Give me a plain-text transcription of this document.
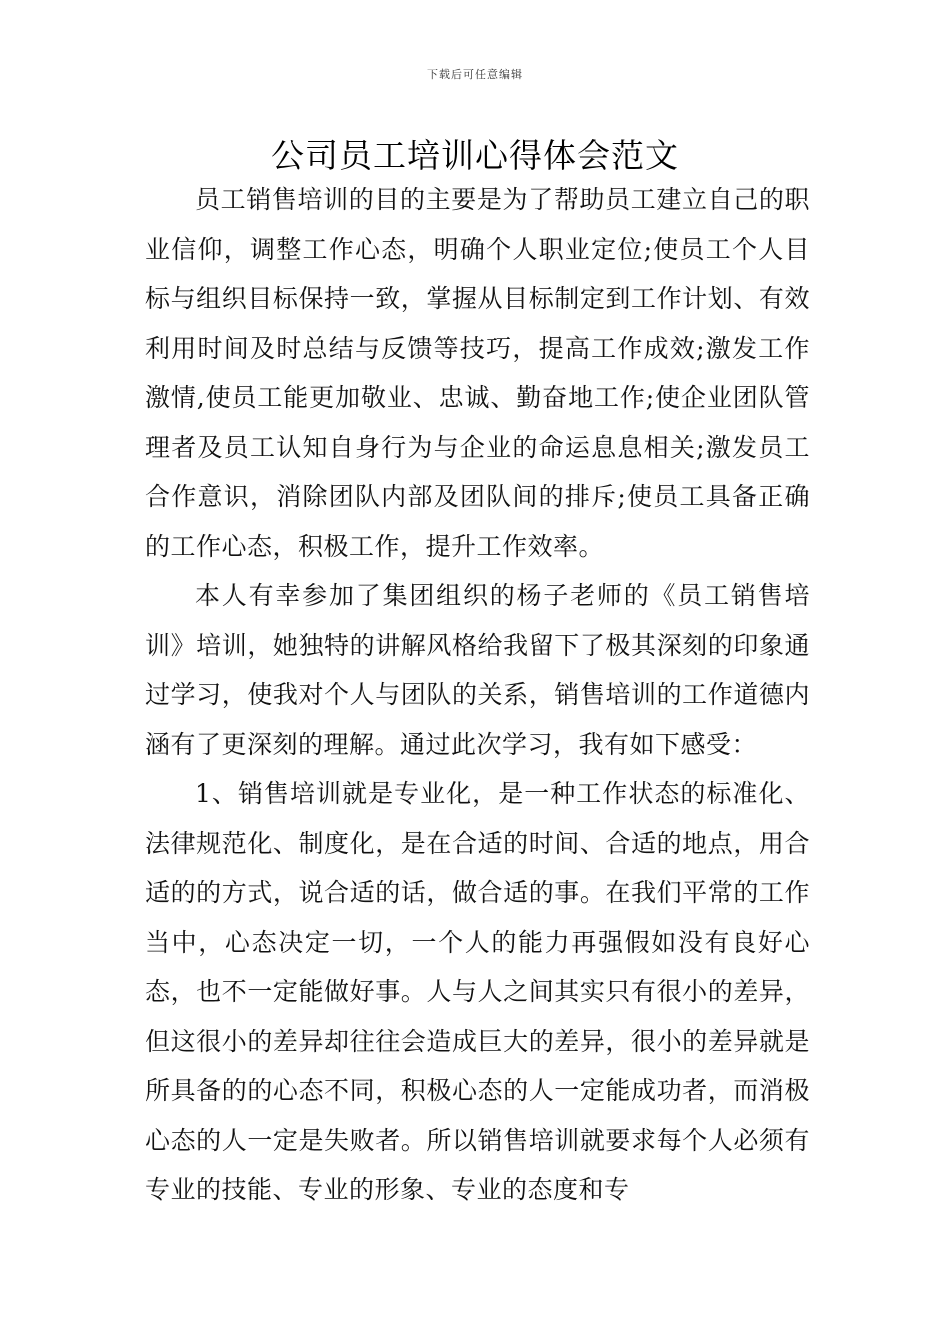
下载后可任意编辑
公司员工培训心得体会范文

员工销售培训的目的主要是为了帮助员工建立自己的职业信仰，调整工作心态，明确个人职业定位;使员工个人目标与组织目标保持一致，掌握从目标制定到工作计划、有效利用时间及时总结与反馈等技巧，提高工作成效;激发工作激情,使员工能更加敬业、忠诚、勤奋地工作;使企业团队管理者及员工认知自身行为与企业的命运息息相关;激发员工合作意识，消除团队内部及团队间的排斥;使员工具备正确的工作心态，积极工作，提升工作效率。

本人有幸参加了集团组织的杨子老师的《员工销售培训》培训，她独特的讲解风格给我留下了极其深刻的印象通过学习，使我对个人与团队的关系，销售培训的工作道德内涵有了更深刻的理解。通过此次学习，我有如下感受：

1、销售培训就是专业化，是一种工作状态的标准化、法律规范化、制度化，是在合适的时间、合适的地点，用合适的的方式，说合适的话，做合适的事。在我们平常的工作当中，心态决定一切，一个人的能力再强假如没有良好心态，也不一定能做好事。人与人之间其实只有很小的差异，但这很小的差异却往往会造成巨大的差异，很小的差异就是所具备的的心态不同，积极心态的人一定能成功者，而消极心态的人一定是失败者。所以销售培训就要求每个人必须有专业的技能、专业的形象、专业的态度和专
